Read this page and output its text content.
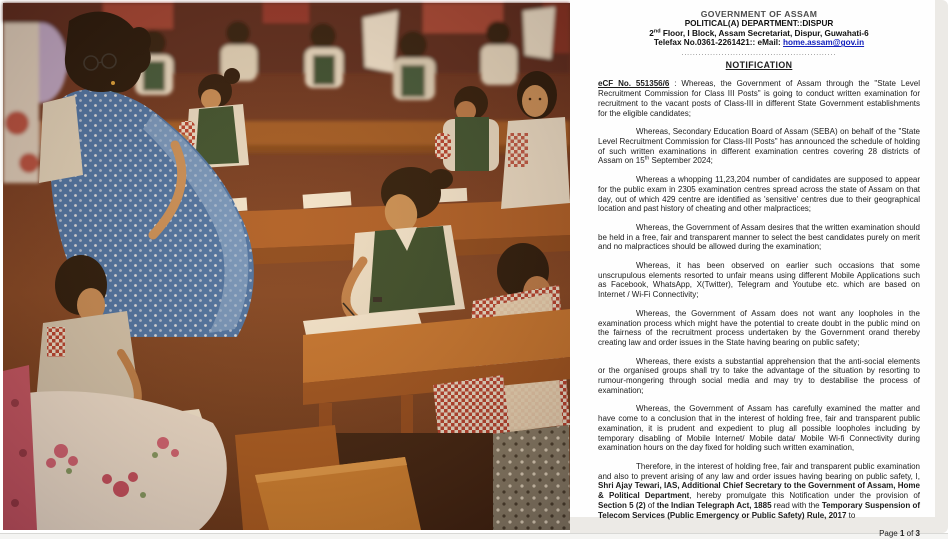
GOVERNMENT OF ASSAM
POLITICAL(A) DEPARTMENT::DISPUR
2nd Floor, I Block, Assam Secretariat, Dispur, Guwahati-6
Telefax No.0361-2261421:: eMail: home.assam@gov.in
......................................................
NOTIFICATION

eCF No. 551356/6 : Whereas, the Government of Assam through the "State Level Recruitment Commission for Class III Posts" is going to conduct written examination for recruitment to the vacant posts of Class-III in different State Government establishments for the eligible candidates;

Whereas, Secondary Education Board of Assam (SEBA) on behalf of the "State Level Recruitment Commission for Class-III Posts" has announced the schedule of holding of such written examinations in different examination centres covering 28 districts of Assam on 15th September 2024;

Whereas a whopping 11,23,204 number of candidates are supposed to appear for the public exam in 2305 examination centres spread across the state of Assam on that day, out of which 429 centre are identified as 'sensitive' centres due to their geographical location and past history of cheating and other malpractices;

Whereas, the Government of Assam desires that the written examination should be held in a free, fair and transparent manner to select the best candidates purely on merit and no malpractices should be allowed during the examination;

Whereas, it has been observed on earlier such occasions that some unscrupulous elements resorted to unfair means using different Mobile Applications such as Facebook, WhatsApp, X(Twitter), Telegram and Youtube etc. which are based on Internet / Wi-Fi Connectivity;

Whereas, the Government of Assam does not want any loopholes in the examination process which might have the potential to create doubt in the public mind on the fairness of the recruitment process undertaken by the Government orand thereby creating law and order issues in the State having bearing on public safety;

Whereas, there exists a substantial apprehension that the anti-social elements or the organised groups shall try to take the advantage of the situation by resorting to rumour-mongering through social media and may try to destabilise the process of examination;

Whereas, the Government of Assam has carefully examined the matter and have come to a conclusion that in the interest of holding free, fair and transparent public examination, it is prudent and expedient to plug all possible loopholes including by temporary disabling of Mobile Internet/ Mobile data/ Mobile Wi-fi Connectivity during examination hours on the day fixed for holding such written examination,

Therefore, in the interest of holding free, fair and transparent public examination and also to prevent arising of any law and order issues having bearing on public safety, I, Shri Ajay Tewari, IAS, Additional Chief Secretary to the Government of Assam, Home & Political Department, hereby promulgate this Notification under the provision of Section 5 (2) of the Indian Telegraph Act, 1885 read with the Temporary Suspension of Telecom Services (Public Emergency or Public Safety) Rule, 2017 to

Page 1 of 3
